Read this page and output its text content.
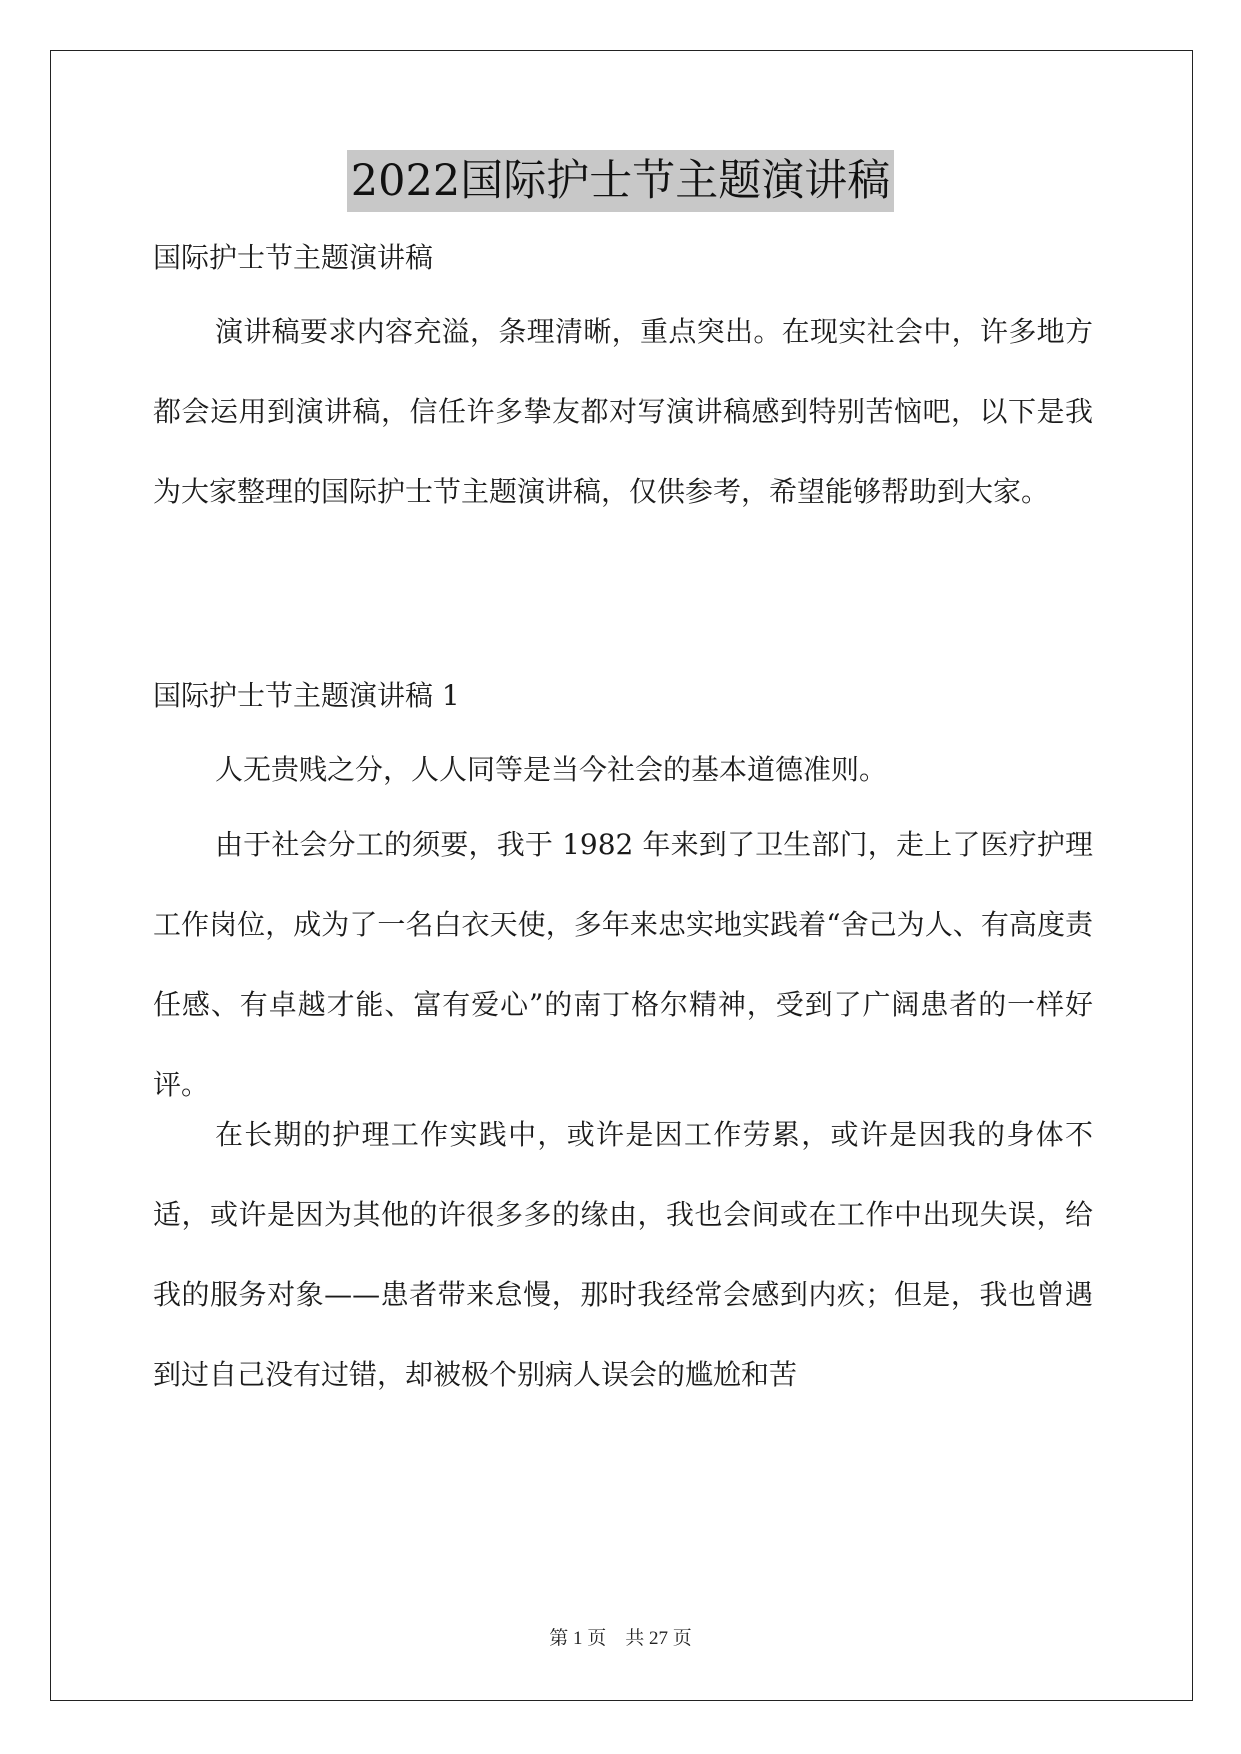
2022国际护士节主题演讲稿

国际护士节主题演讲稿

演讲稿要求内容充溢，条理清晰，重点突出。在现实社会中，许多地方都会运用到演讲稿，信任许多挚友都对写演讲稿感到特别苦恼吧，以下是我为大家整理的国际护士节主题演讲稿，仅供参考，希望能够帮助到大家。

国际护士节主题演讲稿 1

人无贵贱之分，人人同等是当今社会的基本道德准则。

由于社会分工的须要，我于 1982 年来到了卫生部门，走上了医疗护理工作岗位，成为了一名白衣天使，多年来忠实地实践着“舍己为人、有高度责任感、有卓越才能、富有爱心”的南丁格尔精神，受到了广阔患者的一样好评。

在长期的护理工作实践中，或许是因工作劳累，或许是因我的身体不适，或许是因为其他的许很多多的缘由，我也会间或在工作中出现失误，给我的服务对象——患者带来怠慢，那时我经常会感到内疚；但是，我也曾遇到过自己没有过错，却被极个别病人误会的尴尬和苦

第 1 页    共 27 页
